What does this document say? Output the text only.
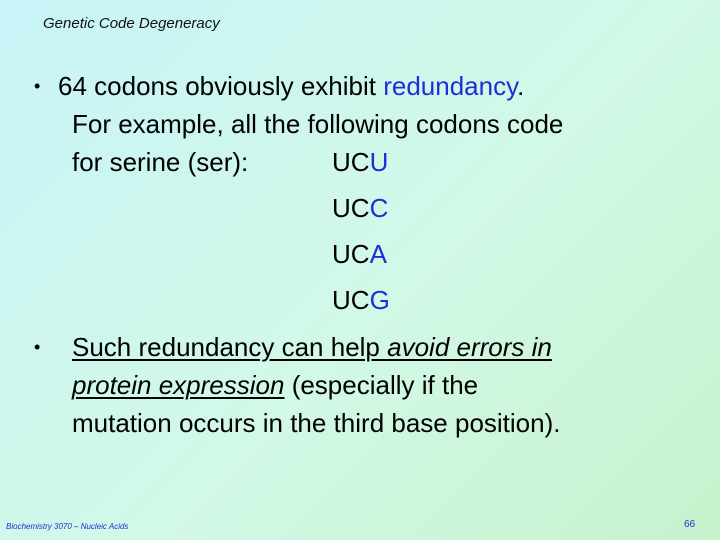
Genetic Code Degeneracy
• 64 codons obviously exhibit redundancy.
For example, all the following codons code
for serine (ser):	UCU
UCC
UCA
UCG
• Such redundancy can help avoid errors in
protein expression (especially if the
mutation occurs in the third base position).
Biochemistry 3070 – Nucleic Acids	66
